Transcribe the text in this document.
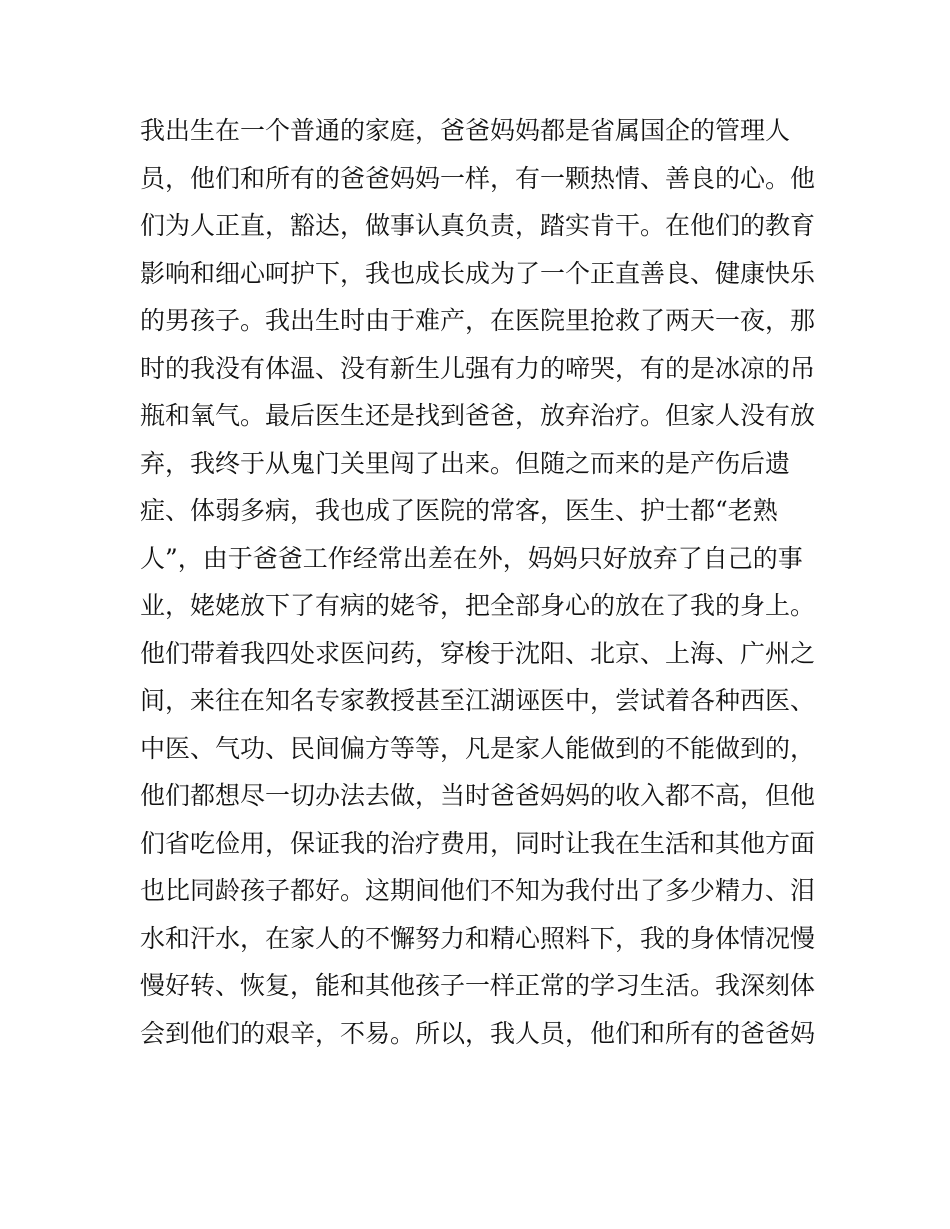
我出生在一个普通的家庭，爸爸妈妈都是省属国企的管理人
员，他们和所有的爸爸妈妈一样，有一颗热情、善良的心。他
们为人正直，豁达，做事认真负责，踏实肯干。在他们的教育
影响和细心呵护下，我也成长成为了一个正直善良、健康快乐
的男孩子。我出生时由于难产，在医院里抢救了两天一夜，那
时的我没有体温、没有新生儿强有力的啼哭，有的是冰凉的吊
瓶和氧气。最后医生还是找到爸爸，放弃治疗。但家人没有放
弃，我终于从鬼门关里闯了出来。但随之而来的是产伤后遗
症、体弱多病，我也成了医院的常客，医生、护士都“老熟
人”，由于爸爸工作经常出差在外，妈妈只好放弃了自己的事
业，姥姥放下了有病的姥爷，把全部身心的放在了我的身上。
他们带着我四处求医问药，穿梭于沈阳、北京、上海、广州之
间，来往在知名专家教授甚至江湖诬医中，尝试着各种西医、
中医、气功、民间偏方等等，凡是家人能做到的不能做到的，
他们都想尽一切办法去做，当时爸爸妈妈的收入都不高，但他
们省吃俭用，保证我的治疗费用，同时让我在生活和其他方面
也比同龄孩子都好。这期间他们不知为我付出了多少精力、泪
水和汗水，在家人的不懈努力和精心照料下，我的身体情况慢
慢好转、恢复，能和其他孩子一样正常的学习生活。我深刻体
会到他们的艰辛，不易。所以，我人员，他们和所有的爸爸妈
